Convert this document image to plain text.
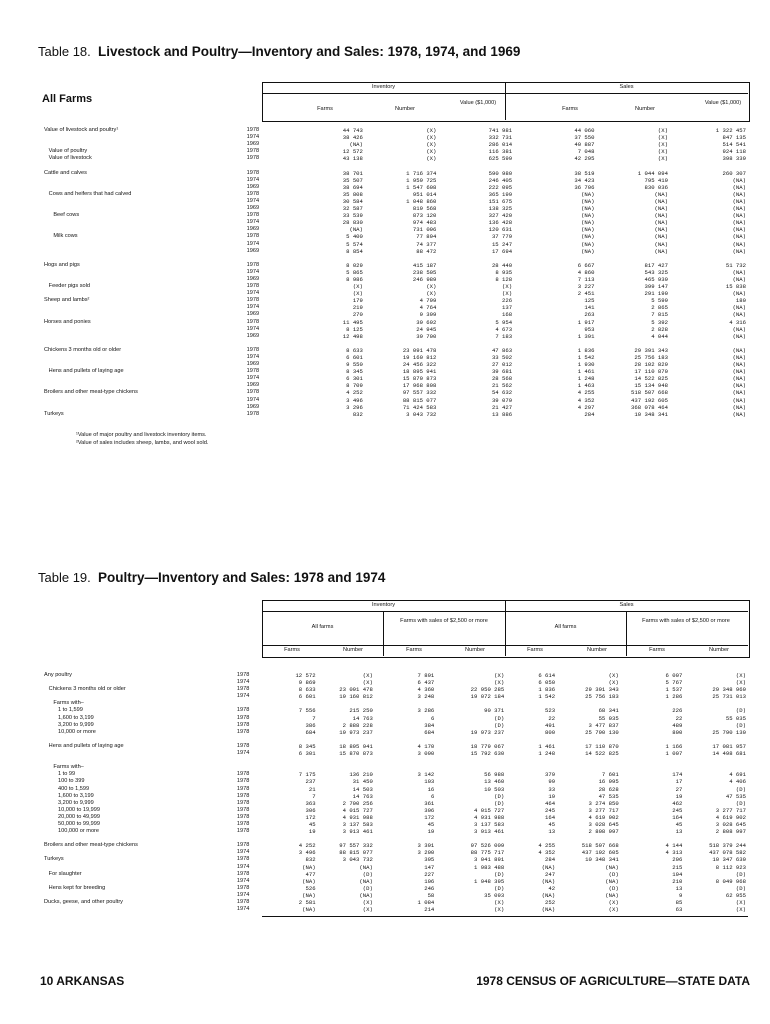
Table 18. Livestock and Poultry—Inventory and Sales: 1978, 1974, and 1969
All Farms
Inventory	Sales
Farms	Number
Value ($1,000)
Farms	Number
Value ($1,000)
Value of livestock and poultry¹	1978	44 743	(X)	741 981	44 060	(X)	1 322 457
	1974	38 426	(X)	332 731	37 550	(X)	847 135
	1969	(NA)	(X)	286 014	40 887	(X)	514 541
Value of poultry	1978	12 572	(X)	116 381	7 048	(X)	924 118
Value of livestock	1978	43 138	(X)	625 599	42 295	(X)	398 339

Cattle and calves	1978	38 701	1 716 374	590 980	38 519	1 044 094	260 307
	1974	35 507	1 959 725	246 405	34 423	795 419	(NA)
	1969	38 694	1 547 608	222 095	36 706	830 036	(NA)
Cows and heifers that had calved	1978	35 808	951 014	365 199	(NA)	(NA)	(NA)
	1974	30 584	1 048 860	151 675	(NA)	(NA)	(NA)
	1969	32 587	819 568	138 325	(NA)	(NA)	(NA)
Beef cows	1978	33 539	873 120	327 420	(NA)	(NA)	(NA)
	1974	28 830	974 483	136 428	(NA)	(NA)	(NA)
	1969	(NA)	731 096	120 631	(NA)	(NA)	(NA)
Milk cows	1978	5 400	77 894	37 779	(NA)	(NA)	(NA)
	1974	5 574	74 377	15 247	(NA)	(NA)	(NA)
	1969	8 854	88 472	17 694	(NA)	(NA)	(NA)

Hogs and pigs	1978	8 029	415 187	28 440	6 667	817 427	51 732
	1974	5 865	238 505	8 935	4 860	543 325	(NA)
	1969	8 986	246 989	8 128	7 113	465 939	(NA)
Feeder pigs sold	1978	(X)	(X)	(X)	3 227	399 147	15 838
	1974	(X)	(X)	(X)	2 451	291 190	(NA)
Sheep and lambs²	1978	179	4 799	226	125	5 599	180
	1974	219	4 764	137	141	2 865	(NA)
	1969	270	9 399	168	263	7 815	(NA)
Horses and ponies	1978	11 495	39 692	5 954	1 917	5 392	4 316
	1974	8 125	24 945	4 673	953	2 828	(NA)
	1969	12 498	39 700	7 183	1 391	4 044	(NA)

Chickens 3 months old or older	1978	8 633	23 091 478	47 863	1 836	29 391 343	(NA)
	1974	6 601	19 160 812	33 502	1 542	25 756 183	(NA)
	1969	9 550	24 456 322	27 012	1 930	28 102 829	(NA)
Hens and pullets of laying age	1978	8 345	18 895 941	39 681	1 461	17 110 870	(NA)
	1974	6 301	15 870 873	28 568	1 248	14 522 825	(NA)
	1969	8 709	17 968 808	21 562	1 463	15 134 948	(NA)
Broilers and other meat-type chickens	1978	4 252	97 557 332	54 632	4 255	518 507 668	(NA)
	1974	3 496	88 815 077	39 079	4 352	437 192 605	(NA)
	1969	3 296	71 424 583	21 427	4 297	368 078 464	(NA)
Turkeys	1978	832	3 043 732	13 886	284	10 348 341	(NA)
¹Value of major poultry and livestock inventory items.
²Value of sales includes sheep, lambs, and wool sold.
Table 19. Poultry—Inventory and Sales: 1978 and 1974
Inventory	Sales
All farms
Farms with sales of $2,500 or more
All farms
Farms with sales of $2,500 or more
Farms	Number	Farms	Number	Farms	Number	Farms	Number
Any poultry	1978	12 572	(X)	7 891	(X)	6 614	(X)	6 007	(X)
	1974	9 869	(X)	6 437	(X)	6 050	(X)	5 767	(X)
Chickens 3 months old or older	1978	8 633	23 091 478	4 360	22 950 285	1 836	29 391 343	1 537	29 348 960
	1974	6 601	19 160 812	3 248	19 072 184	1 542	25 756 183	1 286	25 731 013
Farms with–									
1 to 1,599	1978	7 556	215 250	3 286	90 371	523	68 341	226	(D)
1,600 to 3,199	1978	7	14 763	6	(D)	22	55 035	22	55 035
3,200 to 9,999	1978	386	2 888 228	384	(D)	491	3 477 837	489	(D)
10,000 or more	1978	684	19 973 237	684	19 973 237	800	25 790 130	800	25 790 130

Hens and pullets of laying age	1978	8 345	18 895 941	4 170	18 779 067	1 461	17 110 870	1 166	17 081 957
	1974	6 301	15 870 873	3 090	15 792 630	1 248	14 522 825	1 007	14 498 681

Farms with–									
1 to 99	1978	7 175	136 210	3 142	56 988	379	7 601	174	4 691
100 to 399	1978	237	31 450	103	13 460	99	16 995	17	4 406
400 to 1,599	1978	21	14 503	16	10 503	33	28 628	27	(D)
1,600 to 3,199	1978	7	14 763	6	(D)	19	47 535	19	47 535
3,200 to 9,999	1978	363	2 700 256	361	(D)	464	3 274 850	462	(D)
10,000 to 19,999	1978	306	4 015 727	306	4 015 727	245	3 277 717	245	3 277 717
20,000 to 49,999	1978	172	4 931 988	172	4 931 988	164	4 619 902	164	4 619 902
50,000 to 99,999	1978	45	3 137 583	45	3 137 583	45	3 028 645	45	3 028 645
100,000 or more	1978	19	3 913 461	19	3 913 461	13	2 808 997	13	2 808 997

Broilers and other meat-type chickens	1978	4 252	97 557 332	3 391	97 526 009	4 255	518 507 668	4 144	518 379 244
	1974	3 496	88 815 077	3 200	88 775 717	4 352	437 192 605	4 313	437 078 582
Turkeys	1978	832	3 043 732	395	3 041 891	284	10 348 341	206	10 347 630
	1974	(NA)	(NA)	147	1 983 488	(NA)	(NA)	215	8 112 923
For slaughter	1978	477	(D)	227	(D)	247	(D)	194	(D)
	1974	(NA)	(NA)	106	1 948 395	(NA)	(NA)	210	8 049 968
Hens kept for breeding	1978	526	(D)	246	(D)	42	(D)	13	(D)
	1974	(NA)	(NA)	58	35 093	(NA)	(NA)	9	62 955
Ducks, geese, and other poultry	1978	2 581	(X)	1 084	(X)	252	(X)	85	(X)
	1974	(NA)	(X)	214	(X)	(NA)	(X)	63	(X)
10 ARKANSAS	1978 CENSUS OF AGRICULTURE—STATE DATA
